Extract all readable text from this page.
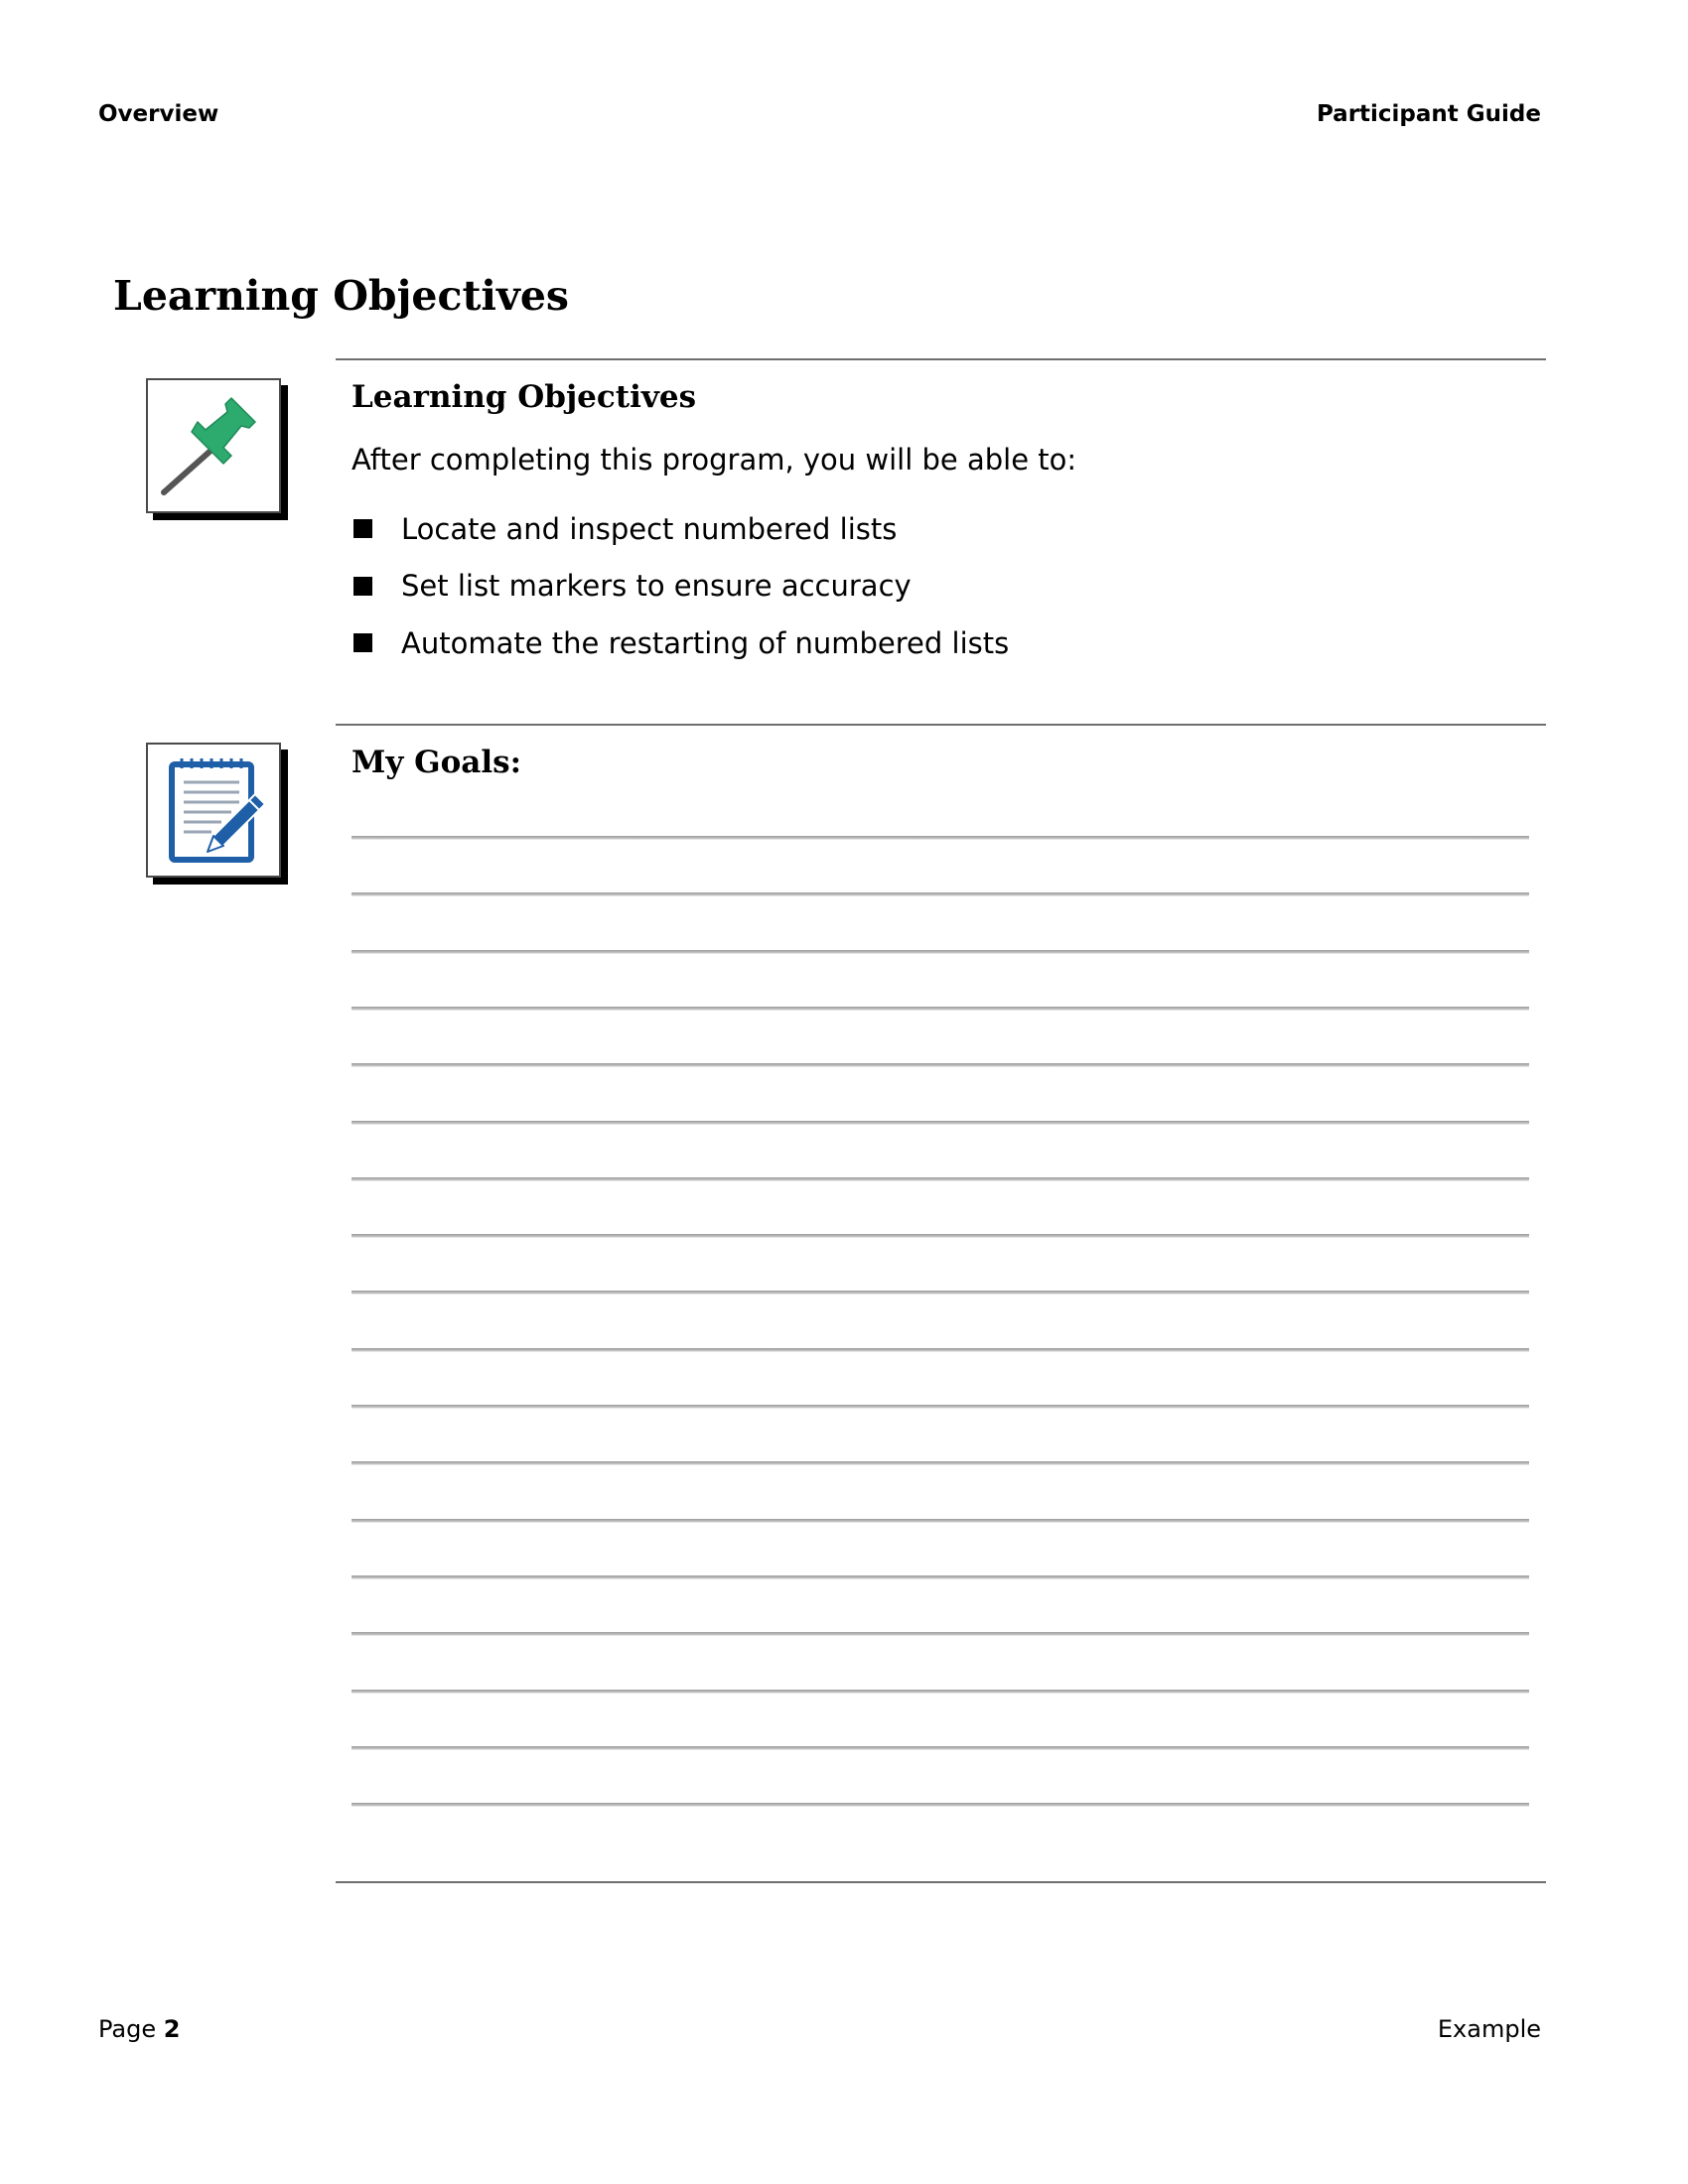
Overview	Participant Guide
Learning Objectives
Learning Objectives
After completing this program, you will be able to:
Locate and inspect numbered lists
Set list markers to ensure accuracy
Automate the restarting of numbered lists
My Goals:
Page 2	Example
